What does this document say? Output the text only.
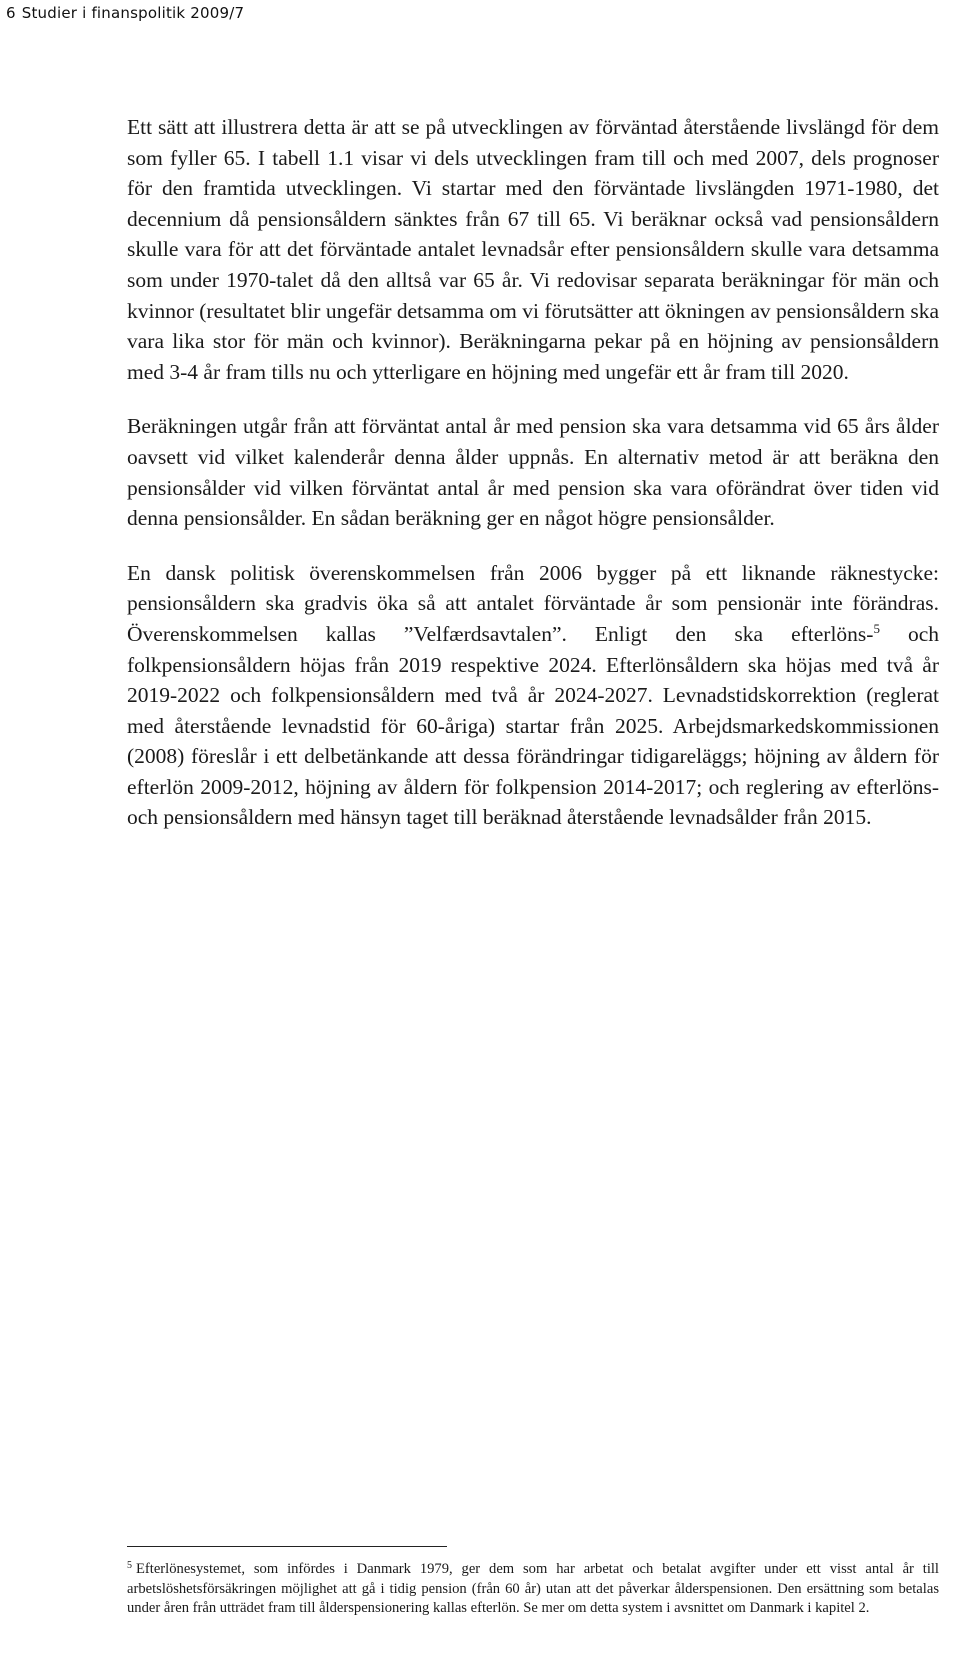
6 Studier i finanspolitik 2009/7

Ett sätt att illustrera detta är att se på utvecklingen av förväntad återstående livslängd för dem som fyller 65. I tabell 1.1 visar vi dels utvecklingen fram till och med 2007, dels prognoser för den framtida utvecklingen. Vi startar med den förväntade livslängden 1971-1980, det decennium då pensionsåldern sänktes från 67 till 65. Vi beräknar också vad pensionsåldern skulle vara för att det förväntade antalet levnadsår efter pensionsåldern skulle vara detsamma som under 1970-talet då den alltså var 65 år. Vi redovisar separata beräkningar för män och kvinnor (resultatet blir ungefär detsamma om vi förutsätter att ökningen av pensionsåldern ska vara lika stor för män och kvinnor). Beräkningarna pekar på en höjning av pensionsåldern med 3-4 år fram tills nu och ytterligare en höjning med ungefär ett år fram till 2020.

Beräkningen utgår från att förväntat antal år med pension ska vara detsamma vid 65 års ålder oavsett vid vilket kalenderår denna ålder uppnås. En alternativ metod är att beräkna den pensionsålder vid vilken förväntat antal år med pension ska vara oförändrat över tiden vid denna pensionsålder. En sådan beräkning ger en något högre pensionsålder.

En dansk politisk överenskommelsen från 2006 bygger på ett liknande räknestycke: pensionsåldern ska gradvis öka så att antalet förväntade år som pensionär inte förändras. Överenskommelsen kallas ”Velfærdsavtalen”. Enligt den ska efterlöns-$^5$ och folkpensionsåldern höjas från 2019 respektive 2024. Efterlönsåldern ska höjas med två år 2019-2022 och folkpensionsåldern med två år 2024-2027. Levnadstidskorrektion (reglerat med återstående levnadstid för 60-åriga) startar från 2025. Arbejdsmarkedskommissionen (2008) föreslår i ett delbetänkande att dessa förändringar tidigareläggs; höjning av åldern för efterlön 2009-2012, höjning av åldern för folkpension 2014-2017; och reglering av efterlöns- och pensionsåldern med hänsyn taget till beräknad återstående levnadsålder från 2015.

$^5$ Efterlönesystemet, som infördes i Danmark 1979, ger dem som har arbetat och betalat avgifter under ett visst antal år till arbetslöshetsförsäkringen möjlighet att gå i tidig pension (från 60 år) utan att det påverkar ålderspensionen. Den ersättning som betalas under åren från utträdet fram till ålderspensionering kallas efterlön. Se mer om detta system i avsnittet om Danmark i kapitel 2.
